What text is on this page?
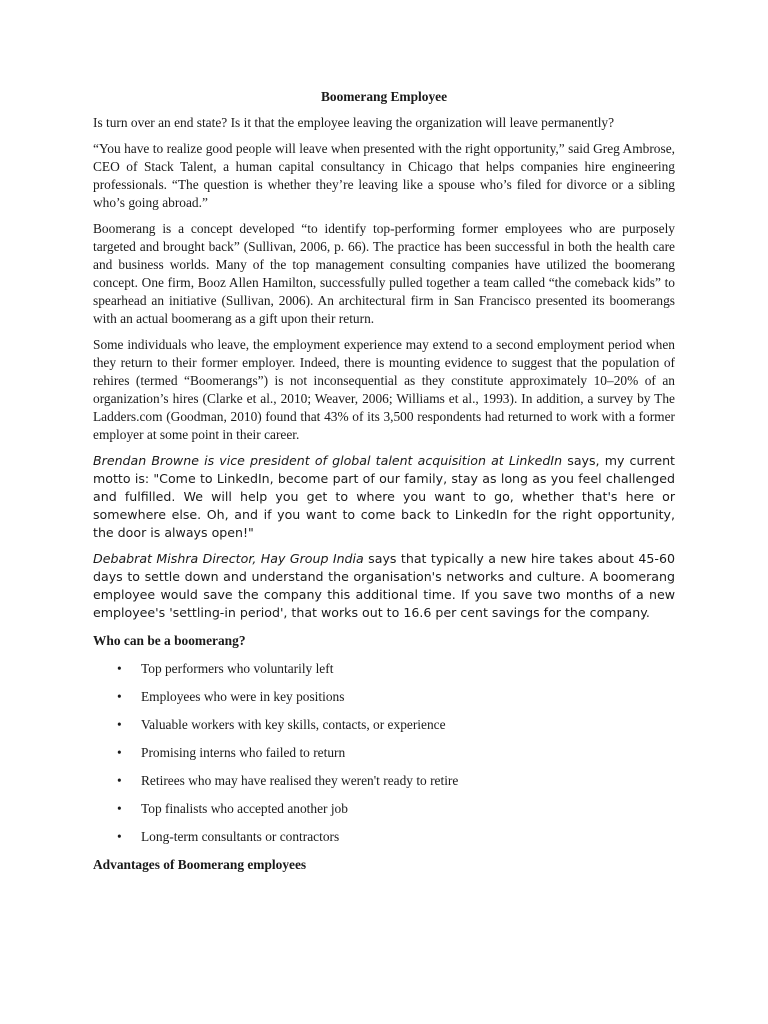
Boomerang Employee

Is turn over an end state? Is it that the employee leaving the organization will leave permanently?

“You have to realize good people will leave when presented with the right opportunity,” said Greg Ambrose, CEO of Stack Talent, a human capital consultancy in Chicago that helps companies hire engineering professionals. “The question is whether they’re leaving like a spouse who’s filed for divorce or a sibling who’s going abroad.”

Boomerang is a concept developed “to identify top-performing former employees who are purposely targeted and brought back” (Sullivan, 2006, p. 66). The practice has been successful in both the health care and business worlds. Many of the top management consulting companies have utilized the boomerang concept. One firm, Booz Allen Hamilton, successfully pulled together a team called “the comeback kids” to spearhead an initiative (Sullivan, 2006). An architectural firm in San Francisco presented its boomerangs with an actual boomerang as a gift upon their return.

Some individuals who leave, the employment experience may extend to a second employment period when they return to their former employer. Indeed, there is mounting evidence to suggest that the population of rehires (termed “Boomerangs”) is not inconsequential as they constitute approximately 10–20% of an organization’s hires (Clarke et al., 2010; Weaver, 2006; Williams et al., 1993). In addition, a survey by The Ladders.com (Goodman, 2010) found that 43% of its 3,500 respondents had returned to work with a former employer at some point in their career.

Brendan Browne is vice president of global talent acquisition at LinkedIn says, my current motto is: "Come to LinkedIn, become part of our family, stay as long as you feel challenged and fulfilled. We will help you get to where you want to go, whether that's here or somewhere else. Oh, and if you want to come back to LinkedIn for the right opportunity, the door is always open!"

Debabrat Mishra Director, Hay Group India says that typically a new hire takes about 45-60 days to settle down and understand the organisation's networks and culture. A boomerang employee would save the company this additional time. If you save two months of a new employee's 'settling-in period', that works out to 16.6 per cent savings for the company.

Who can be a boomerang?
• Top performers who voluntarily left
• Employees who were in key positions
• Valuable workers with key skills, contacts, or experience
• Promising interns who failed to return
• Retirees who may have realised they weren't ready to retire
• Top finalists who accepted another job
• Long-term consultants or contractors
Advantages of Boomerang employees
